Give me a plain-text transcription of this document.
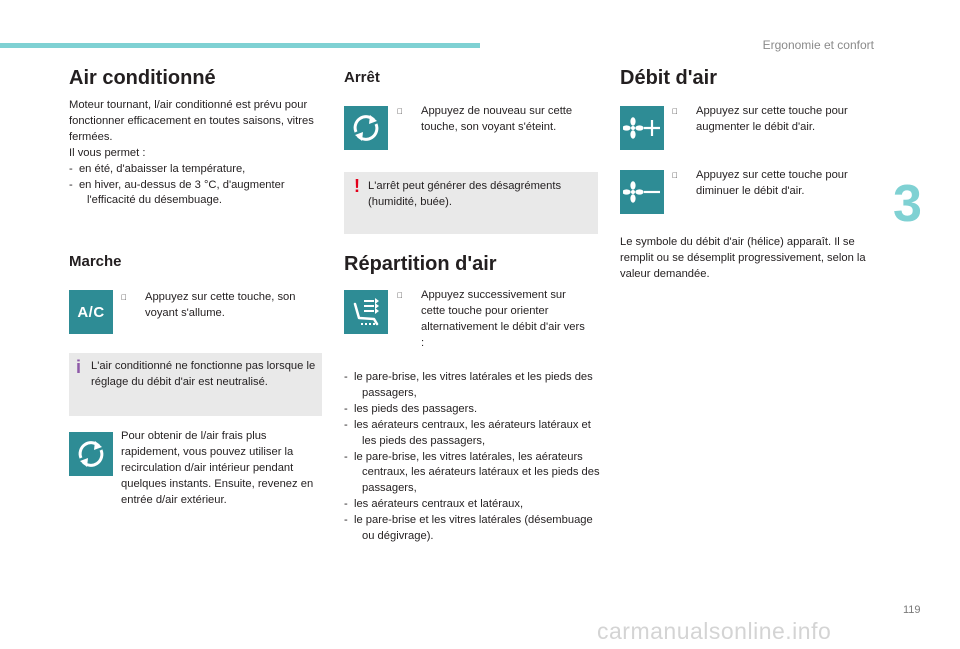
Ergonomie et confort
3
119
carmanualsonline.info
Air conditionné

Moteur tournant, l/air conditionné est prévu pour fonctionner efficacement en toutes saisons, vitres fermées.

Il vous permet :

-  en été, d'abaisser la température,
-  en hiver, au-dessus de 3 °C, d'augmenter l'efficacité du désembuage.
Marche
A/C
Appuyez sur cette touche, son voyant s'allume.
i L'air conditionné ne fonctionne pas lorsque le réglage du débit d'air est neutralisé.
Pour obtenir de l/air frais plus rapidement, vous pouvez utiliser la recirculation d/air intérieur pendant quelques instants. Ensuite, revenez en entrée d/air extérieur.
Arrêt
Appuyez de nouveau sur cette touche, son voyant s'éteint.
! L'arrêt peut générer des désagréments (humidité, buée).
Répartition d'air
Appuyez successivement sur cette touche pour orienter alternativement le débit d'air vers :
-  le pare-brise, les vitres latérales et les pieds des passagers,
-  les pieds des passagers.
-  les aérateurs centraux, les aérateurs latéraux et les pieds des passagers,
-  le pare-brise, les vitres latérales, les aérateurs centraux, les aérateurs latéraux et les pieds des passagers,
-  les aérateurs centraux et latéraux,
-  le pare-brise et les vitres latérales (désembuage ou dégivrage).
Débit d'air
Appuyez sur cette touche pour augmenter le débit d'air.
Appuyez sur cette touche pour diminuer le débit d'air.
Le symbole du débit d'air (hélice) apparaît. Il se remplit ou se désemplit progressivement, selon la valeur demandée.
